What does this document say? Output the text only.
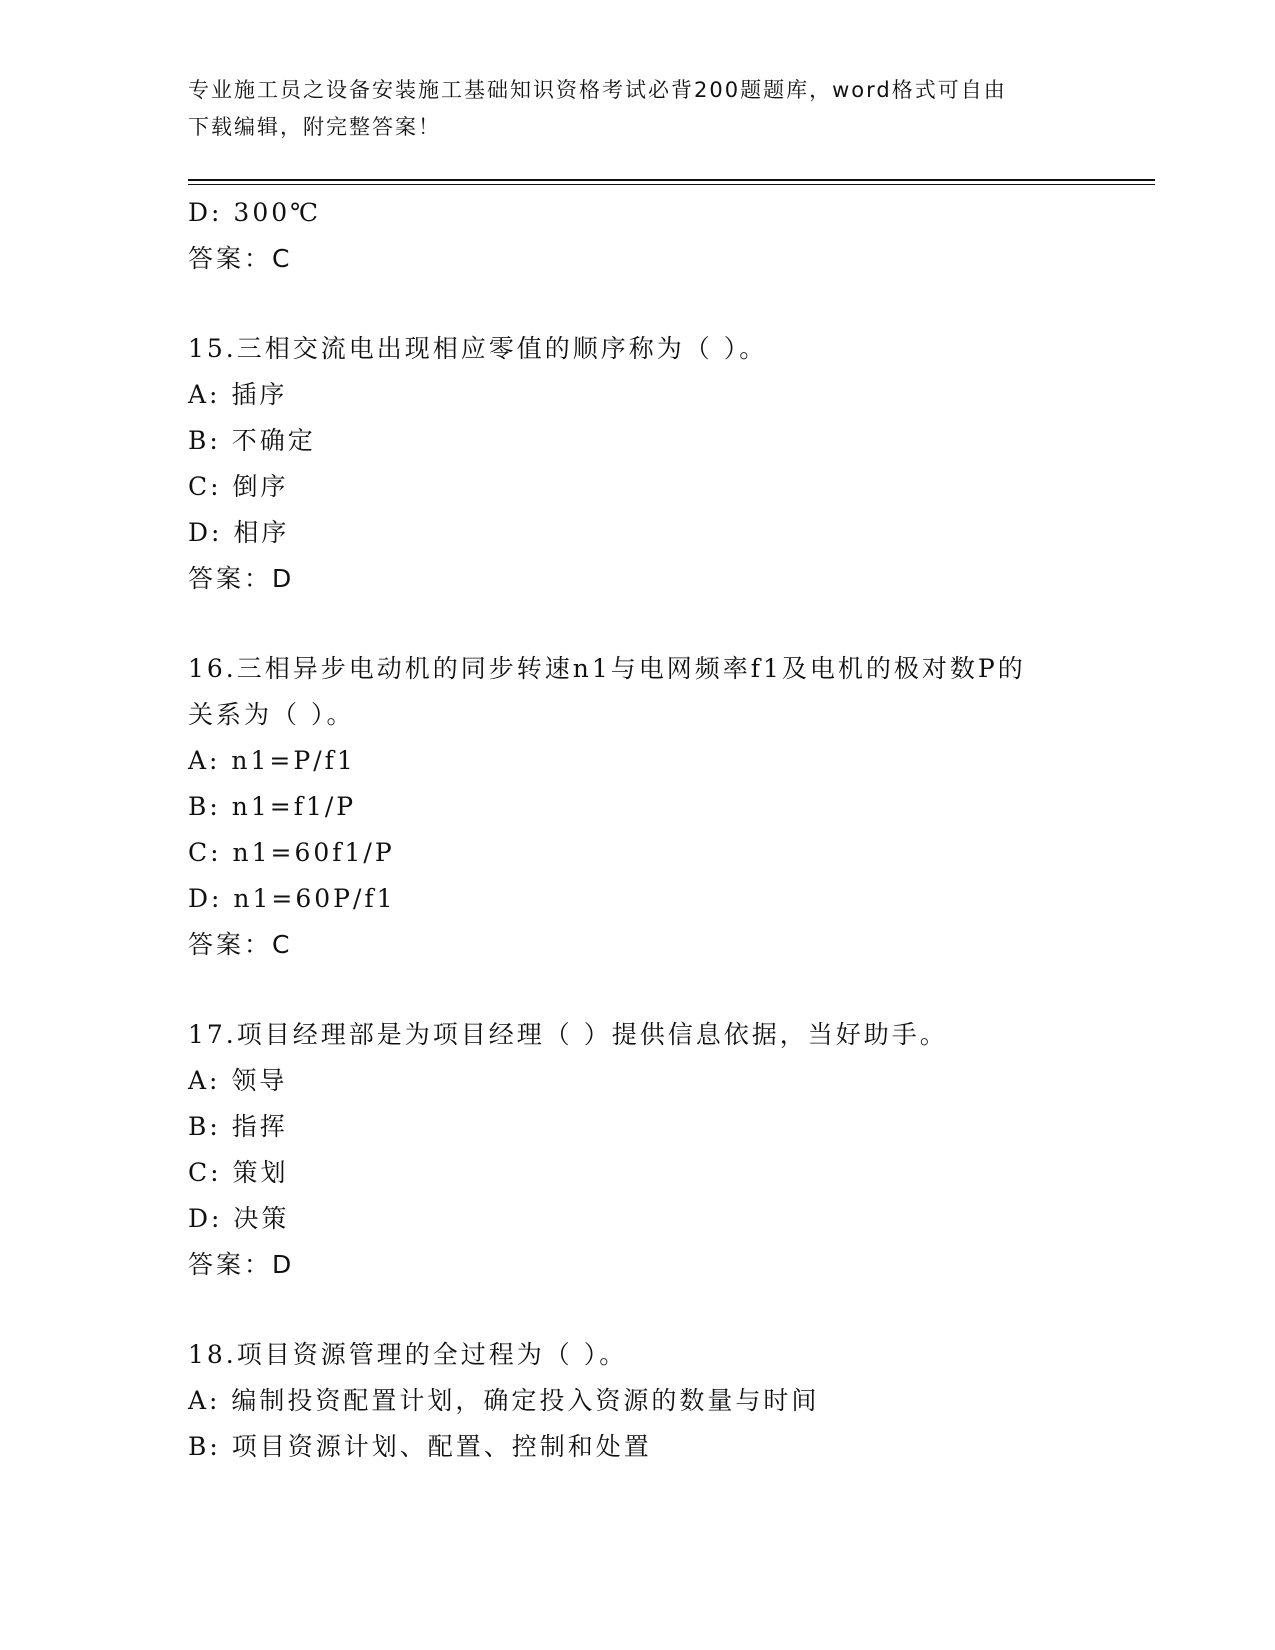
专业施工员之设备安装施工基础知识资格考试必背200题题库，word格式可自由
下载编辑，附完整答案！
D: 300℃
答案：C
15.三相交流电出现相应零值的顺序称为（ ）。
A: 插序
B: 不确定
C: 倒序
D: 相序
答案：D
16.三相异步电动机的同步转速n1与电网频率f1及电机的极对数P的
关系为（ ）。
A: n1=P/f1
B: n1=f1/P
C: n1=60f1/P
D: n1=60P/f1
答案：C
17.项目经理部是为项目经理（ ）提供信息依据，当好助手。
A: 领导
B: 指挥
C: 策划
D: 决策
答案：D
18.项目资源管理的全过程为（ ）。
A: 编制投资配置计划，确定投入资源的数量与时间
B: 项目资源计划、配置、控制和处置
